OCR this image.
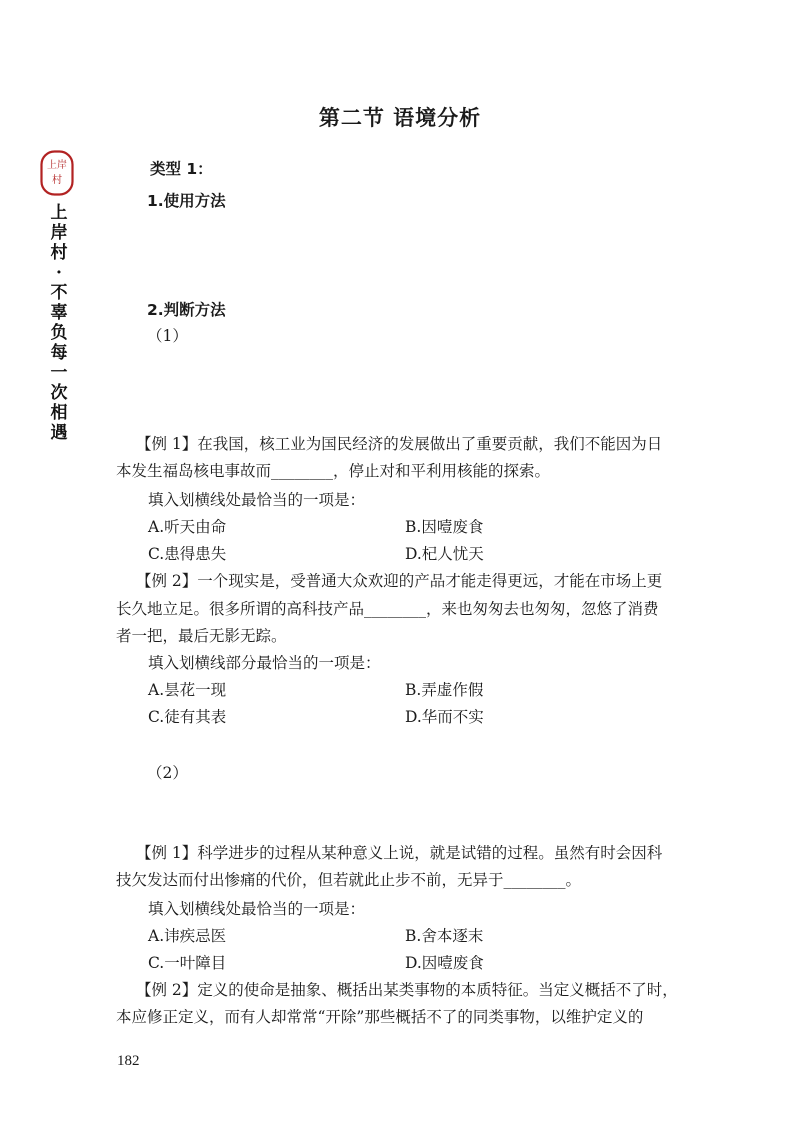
上岸
村
上
岸
村
·
不
辜
负
每
一
次
相
遇
第二节 语境分析
类型 1：
1.使用方法
2.判断方法
（1）
【例 1】在我国，核工业为国民经济的发展做出了重要贡献，我们不能因为日
本发生福岛核电事故而________，停止对和平利用核能的探索。
填入划横线处最恰当的一项是：
A.听天由命	B.因噎废食
C.患得患失	D.杞人忧天
【例 2】一个现实是，受普通大众欢迎的产品才能走得更远，才能在市场上更
长久地立足。很多所谓的高科技产品________，来也匆匆去也匆匆，忽悠了消费
者一把，最后无影无踪。
填入划横线部分最恰当的一项是：
A.昙花一现	B.弄虚作假
C.徒有其表	D.华而不实
（2）
【例 1】科学进步的过程从某种意义上说，就是试错的过程。虽然有时会因科
技欠发达而付出惨痛的代价，但若就此止步不前，无异于________。
填入划横线处最恰当的一项是：
A.讳疾忌医	B.舍本逐末
C.一叶障目	D.因噎废食
【例 2】定义的使命是抽象、概括出某类事物的本质特征。当定义概括不了时，
本应修正定义，而有人却常常“开除”那些概括不了的同类事物，以维护定义的
182
